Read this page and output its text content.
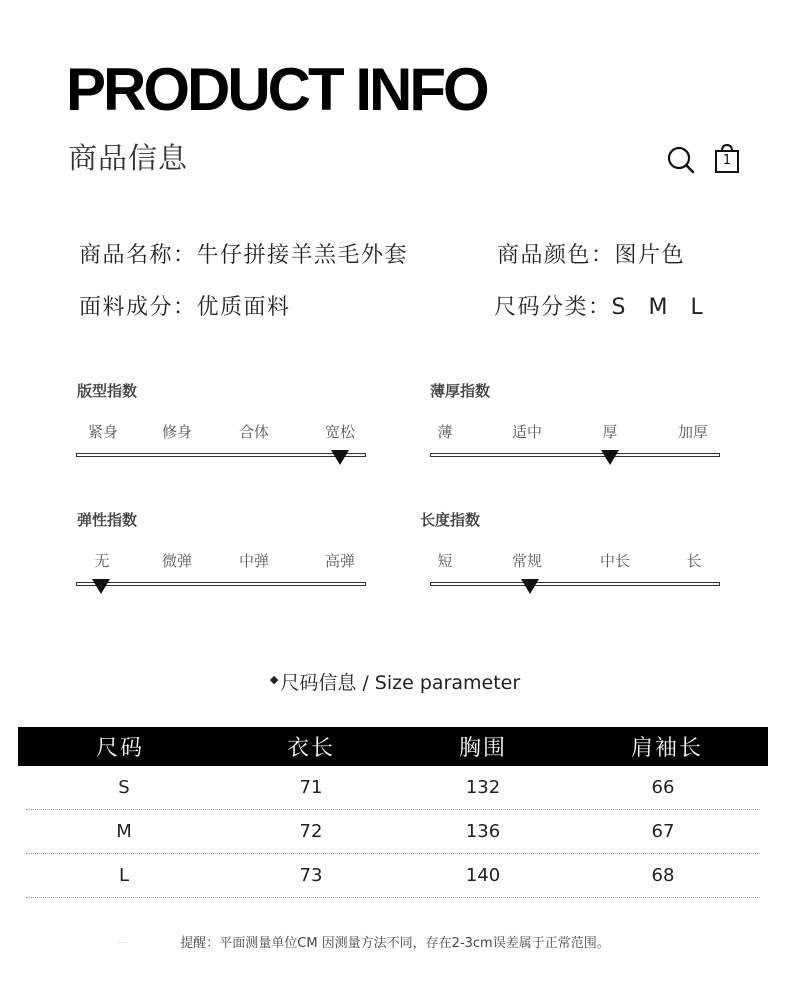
PRODUCT INFO
商品信息	1
商品名称：牛仔拼接羊羔毛外套	商品颜色：图片色
面料成分：优质面料	尺码分类：S M L
版型指数
紧身	修身	合体	宽松
薄厚指数
薄	适中	厚	加厚
弹性指数
无	微弹	中弹	高弹
长度指数
短	常规	中长	长
◆ 尺码信息 / Size parameter
尺码	衣长	胸围	肩袖长
S	71	132	66
M	72	136	67
L	73	140	68
…	提醒：平面测量单位CM 因测量方法不同，存在2-3cm误差属于正常范围。
